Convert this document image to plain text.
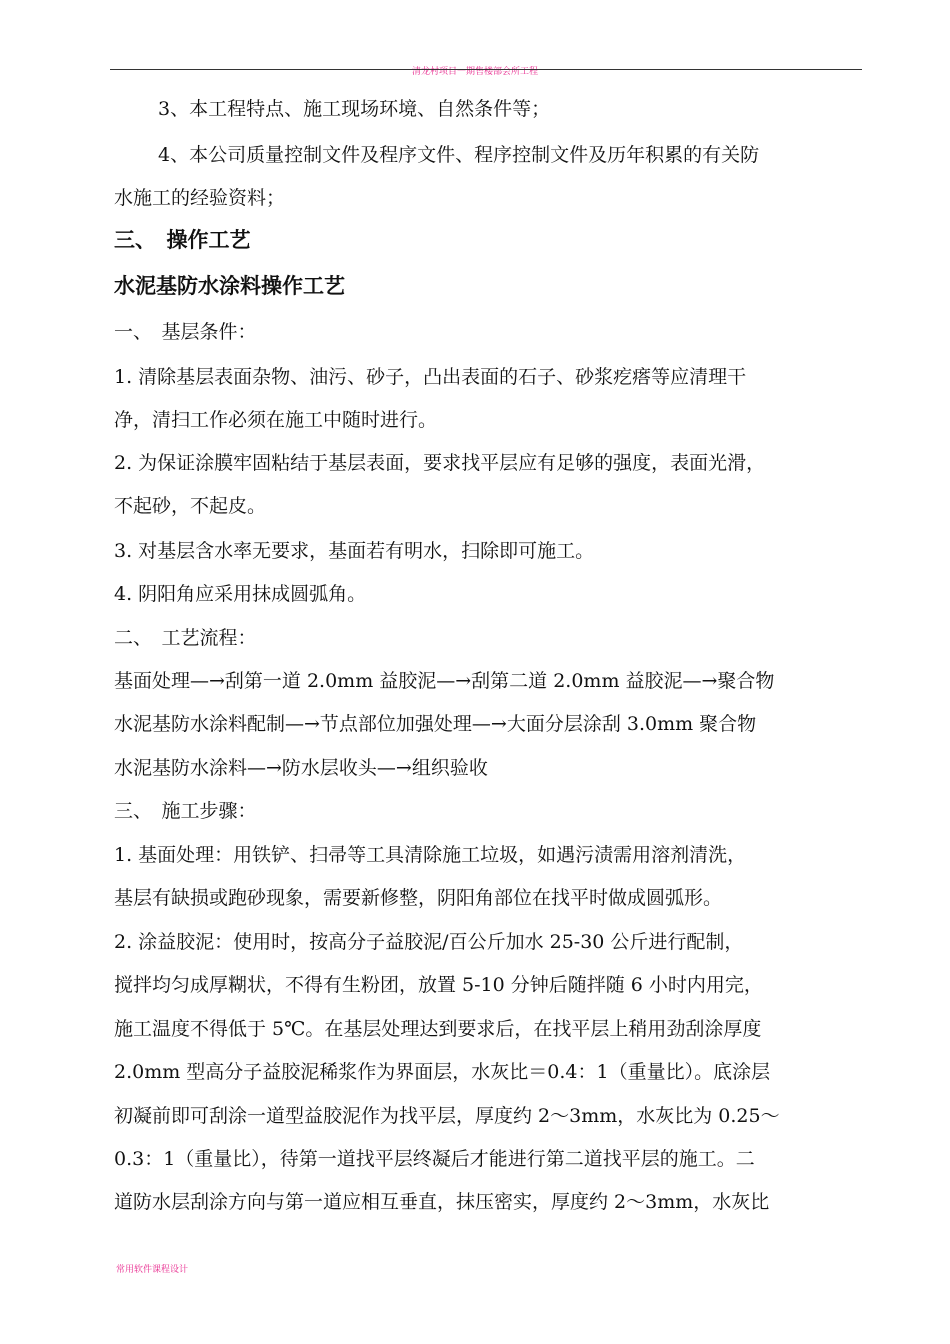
清龙村项目一期售楼部会所工程
3、本工程特点、施工现场环境、自然条件等；
4、本公司质量控制文件及程序文件、程序控制文件及历年积累的有关防
水施工的经验资料；
三、　操作工艺
水泥基防水涂料操作工艺
一、　基层条件：
1. 清除基层表面杂物、油污、砂子，凸出表面的石子、砂浆疙瘩等应清理干
净，清扫工作必须在施工中随时进行。
2. 为保证涂膜牢固粘结于基层表面，要求找平层应有足够的强度，表面光滑，
不起砂，不起皮。
3. 对基层含水率无要求，基面若有明水，扫除即可施工。
4. 阴阳角应采用抹成圆弧角。
二、　工艺流程：
基面处理—→刮第一道 2.0mm 益胶泥—→刮第二道 2.0mm 益胶泥—→聚合物
水泥基防水涂料配制—→节点部位加强处理—→大面分层涂刮 3.0mm 聚合物
水泥基防水涂料—→防水层收头—→组织验收
三、　施工步骤：
1. 基面处理：用铁铲、扫帚等工具清除施工垃圾，如遇污渍需用溶剂清洗，
基层有缺损或跑砂现象，需要新修整，阴阳角部位在找平时做成圆弧形。
2. 涂益胶泥：使用时，按高分子益胶泥/百公斤加水 25-30 公斤进行配制，
搅拌均匀成厚糊状，不得有生粉团，放置 5-10 分钟后随拌随 6 小时内用完，
施工温度不得低于 5℃。在基层处理达到要求后，在找平层上稍用劲刮涂厚度
2.0mm 型高分子益胶泥稀浆作为界面层，水灰比＝0.4：1（重量比）。底涂层
初凝前即可刮涂一道型益胶泥作为找平层，厚度约 2～3mm，水灰比为 0.25～
0.3：1（重量比），待第一道找平层终凝后才能进行第二道找平层的施工。二
道防水层刮涂方向与第一道应相互垂直，抹压密实，厚度约 2～3mm，水灰比
常用软件课程设计
